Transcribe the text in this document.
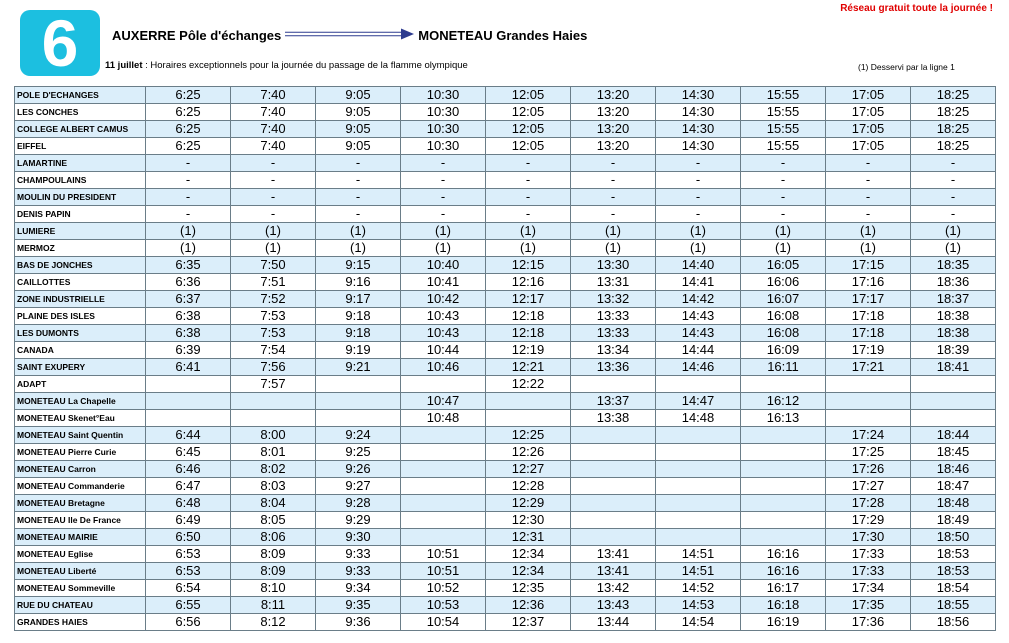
6	Réseau gratuit toute la journée !
AUXERRE Pôle d'échanges	MONETEAU Grandes Haies
11 juillet : Horaires exceptionnels pour la journée du passage de la flamme olympique	(1) Desservi par la ligne 1
POLE D'ECHANGES	6:25	7:40	9:05	10:30	12:05	13:20	14:30	15:55	17:05	18:25
LES CONCHES	6:25	7:40	9:05	10:30	12:05	13:20	14:30	15:55	17:05	18:25
COLLEGE ALBERT CAMUS	6:25	7:40	9:05	10:30	12:05	13:20	14:30	15:55	17:05	18:25
EIFFEL	6:25	7:40	9:05	10:30	12:05	13:20	14:30	15:55	17:05	18:25
LAMARTINE	-	-	-	-	-	-	-	-	-	-
CHAMPOULAINS	-	-	-	-	-	-	-	-	-	-
MOULIN DU PRESIDENT	-	-	-	-	-	-	-	-	-	-
DENIS PAPIN	-	-	-	-	-	-	-	-	-	-
LUMIERE	(1)	(1)	(1)	(1)	(1)	(1)	(1)	(1)	(1)	(1)
MERMOZ	(1)	(1)	(1)	(1)	(1)	(1)	(1)	(1)	(1)	(1)
BAS DE JONCHES	6:35	7:50	9:15	10:40	12:15	13:30	14:40	16:05	17:15	18:35
CAILLOTTES	6:36	7:51	9:16	10:41	12:16	13:31	14:41	16:06	17:16	18:36
ZONE INDUSTRIELLE	6:37	7:52	9:17	10:42	12:17	13:32	14:42	16:07	17:17	18:37
PLAINE DES ISLES	6:38	7:53	9:18	10:43	12:18	13:33	14:43	16:08	17:18	18:38
LES DUMONTS	6:38	7:53	9:18	10:43	12:18	13:33	14:43	16:08	17:18	18:38
CANADA	6:39	7:54	9:19	10:44	12:19	13:34	14:44	16:09	17:19	18:39
SAINT EXUPERY	6:41	7:56	9:21	10:46	12:21	13:36	14:46	16:11	17:21	18:41
ADAPT		7:57			12:22					
MONETEAU La Chapelle				10:47		13:37	14:47	16:12		
MONETEAU Skenet°Eau				10:48		13:38	14:48	16:13		
MONETEAU Saint Quentin	6:44	8:00	9:24		12:25				17:24	18:44
MONETEAU Pierre Curie	6:45	8:01	9:25		12:26				17:25	18:45
MONETEAU Carron	6:46	8:02	9:26		12:27				17:26	18:46
MONETEAU Commanderie	6:47	8:03	9:27		12:28				17:27	18:47
MONETEAU Bretagne	6:48	8:04	9:28		12:29				17:28	18:48
MONETEAU Ile De France	6:49	8:05	9:29		12:30				17:29	18:49
MONETEAU MAIRIE	6:50	8:06	9:30		12:31				17:30	18:50
MONETEAU Eglise	6:53	8:09	9:33	10:51	12:34	13:41	14:51	16:16	17:33	18:53
MONETEAU Liberté	6:53	8:09	9:33	10:51	12:34	13:41	14:51	16:16	17:33	18:53
MONETEAU Sommeville	6:54	8:10	9:34	10:52	12:35	13:42	14:52	16:17	17:34	18:54
RUE DU CHATEAU	6:55	8:11	9:35	10:53	12:36	13:43	14:53	16:18	17:35	18:55
GRANDES HAIES	6:56	8:12	9:36	10:54	12:37	13:44	14:54	16:19	17:36	18:56
